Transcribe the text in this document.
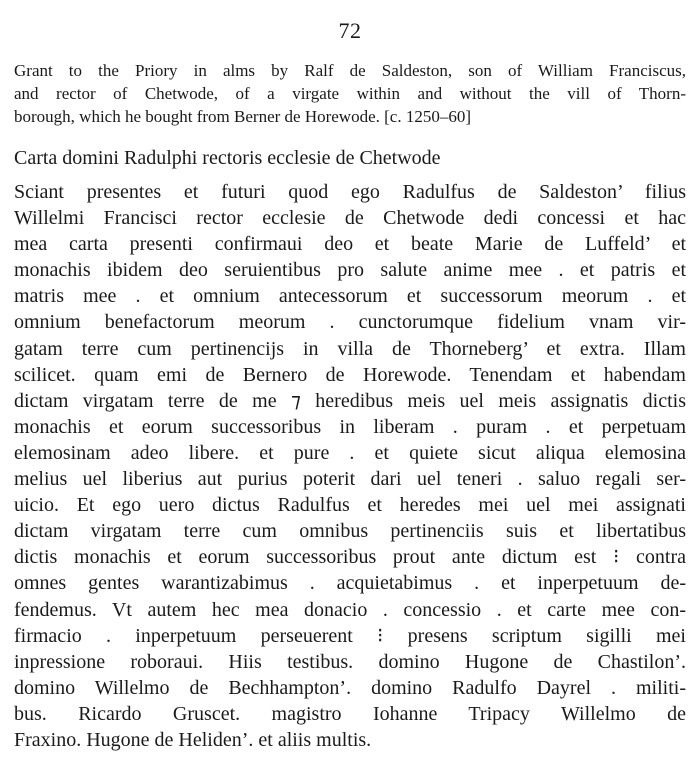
72
Grant to the Priory in alms by Ralf de Saldeston, son of William Franciscus,
and rector of Chetwode, of a virgate within and without the vill of Thorn-
borough, which he bought from Berner de Horewode. [c. 1250–60]
Carta domini Radulphi rectoris ecclesie de Chetwode
Sciant presentes et futuri quod ego Radulfus de Saldeston’ filius
Willelmi Francisci rector ecclesie de Chetwode dedi concessi et hac
mea carta presenti confirmaui deo et beate Marie de Luffeld’ et
monachis ibidem deo seruientibus pro salute anime mee . et patris et
matris mee . et omnium antecessorum et successorum meorum . et
omnium benefactorum meorum . cunctorumque fidelium vnam vir-
gatam terre cum pertinencijs in villa de Thorneberg’ et extra. Illam
scilicet. quam emi de Bernero de Horewode. Tenendam et habendam
dictam virgatam terre de me ⁊ heredibus meis uel meis assignatis dictis
monachis et eorum successoribus in liberam . puram . et perpetuam
elemosinam adeo libere. et pure . et quiete sicut aliqua elemosina
melius uel liberius aut purius poterit dari uel teneri . saluo regali ser-
uicio. Et ego uero dictus Radulfus et heredes mei uel mei assignati
dictam virgatam terre cum omnibus pertinenciis suis et libertatibus
dictis monachis et eorum successoribus prout ante dictum est ⁝ contra
omnes gentes warantizabimus . acquietabimus . et inperpetuum de-
fendemus. Vt autem hec mea donacio . concessio . et carte mee con-
firmacio . inperpetuum perseuerent ⁝ presens scriptum sigilli mei
inpressione roboraui. Hiis testibus. domino Hugone de Chastilon’.
domino Willelmo de Bechhampton’. domino Radulfo Dayrel . militi-
bus. Ricardo Gruscet. magistro Iohanne Tripacy Willelmo de
Fraxino. Hugone de Heliden’. et aliis multis.
